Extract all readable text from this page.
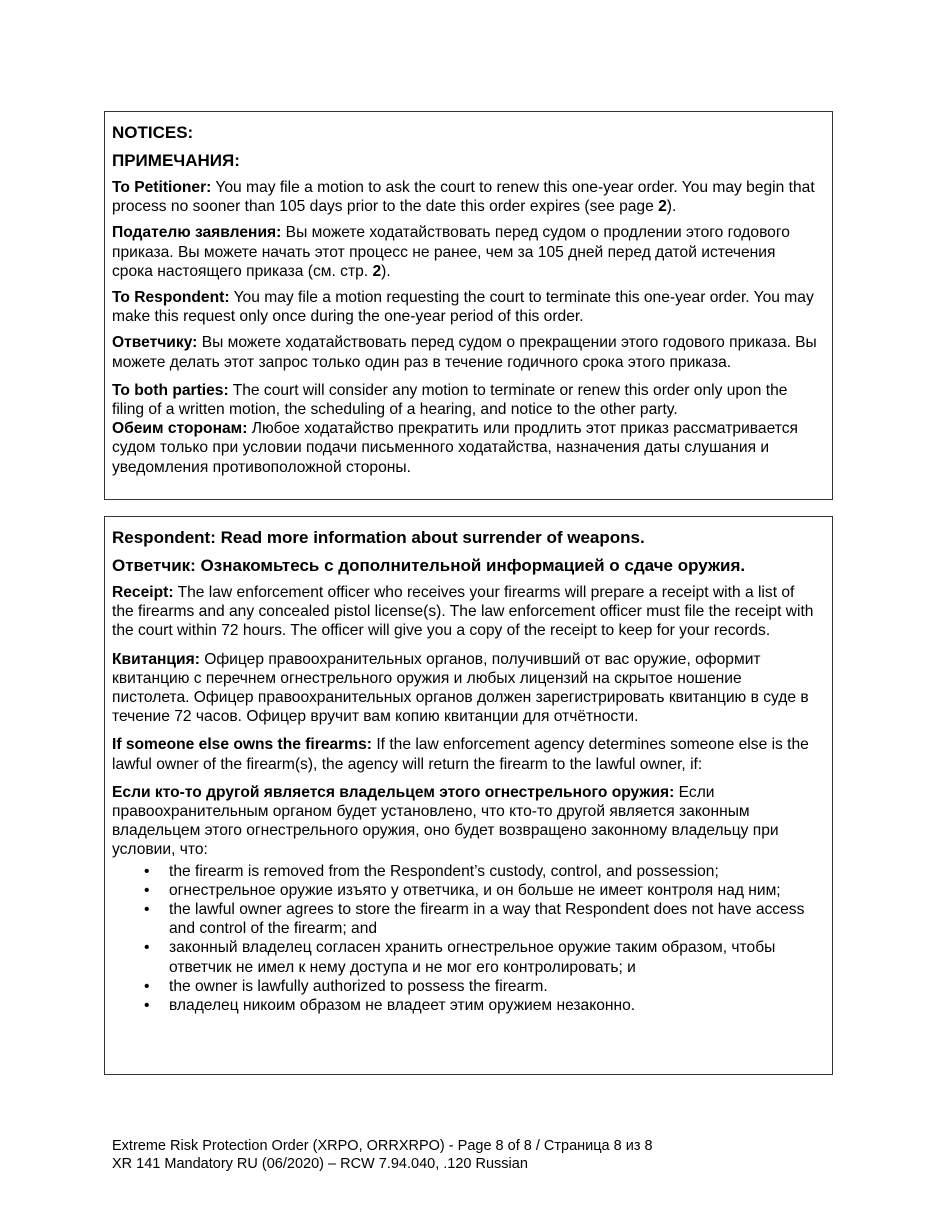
NOTICES:

ПРИМЕЧАНИЯ:

To Petitioner: You may file a motion to ask the court to renew this one-year order. You may begin that process no sooner than 105 days prior to the date this order expires (see page 2).

Подателю заявления: Вы можете ходатайствовать перед судом о продлении этого годового приказа. Вы можете начать этот процесс не ранее, чем за 105 дней перед датой истечения срока настоящего приказа (см. стр. 2).

To Respondent: You may file a motion requesting the court to terminate this one-year order. You may make this request only once during the one-year period of this order.

Ответчику: Вы можете ходатайствовать перед судом о прекращении этого годового приказа. Вы можете делать этот запрос только один раз в течение годичного срока этого приказа.

To both parties: The court will consider any motion to terminate or renew this order only upon the filing of a written motion, the scheduling of a hearing, and notice to the other party.

Обеим сторонам: Любое ходатайство прекратить или продлить этот приказ рассматривается судом только при условии подачи письменного ходатайства, назначения даты слушания и уведомления противоположной стороны.

Respondent: Read more information about surrender of weapons.

Ответчик: Ознакомьтесь с дополнительной информацией о сдаче оружия.

Receipt: The law enforcement officer who receives your firearms will prepare a receipt with a list of the firearms and any concealed pistol license(s). The law enforcement officer must file the receipt with the court within 72 hours. The officer will give you a copy of the receipt to keep for your records.

Квитанция: Офицер правоохранительных органов, получивший от вас оружие, оформит квитанцию с перечнем огнестрельного оружия и любых лицензий на скрытое ношение пистолета. Офицер правоохранительных органов должен зарегистрировать квитанцию в суде в течение 72 часов. Офицер вручит вам копию квитанции для отчётности.

If someone else owns the firearms: If the law enforcement agency determines someone else is the lawful owner of the firearm(s), the agency will return the firearm to the lawful owner, if:

Если кто-то другой является владельцем этого огнестрельного оружия: Если правоохранительным органом будет установлено, что кто-то другой является законным владельцем этого огнестрельного оружия, оно будет возвращено законному владельцу при условии, что:

• the firearm is removed from the Respondent’s custody, control, and possession;
• огнестрельное оружие изъято у ответчика, и он больше не имеет контроля над ним;
• the lawful owner agrees to store the firearm in a way that Respondent does not have access and control of the firearm; and
• законный владелец согласен хранить огнестрельное оружие таким образом, чтобы ответчик не имел к нему доступа и не мог его контролировать; и
• the owner is lawfully authorized to possess the firearm.
• владелец никоим образом не владеет этим оружием незаконно.
Extreme Risk Protection Order (XRPO, ORRXRPO) - Page 8 of 8 / Страница 8 из 8
XR 141 Mandatory RU (06/2020) – RCW 7.94.040, .120 Russian
